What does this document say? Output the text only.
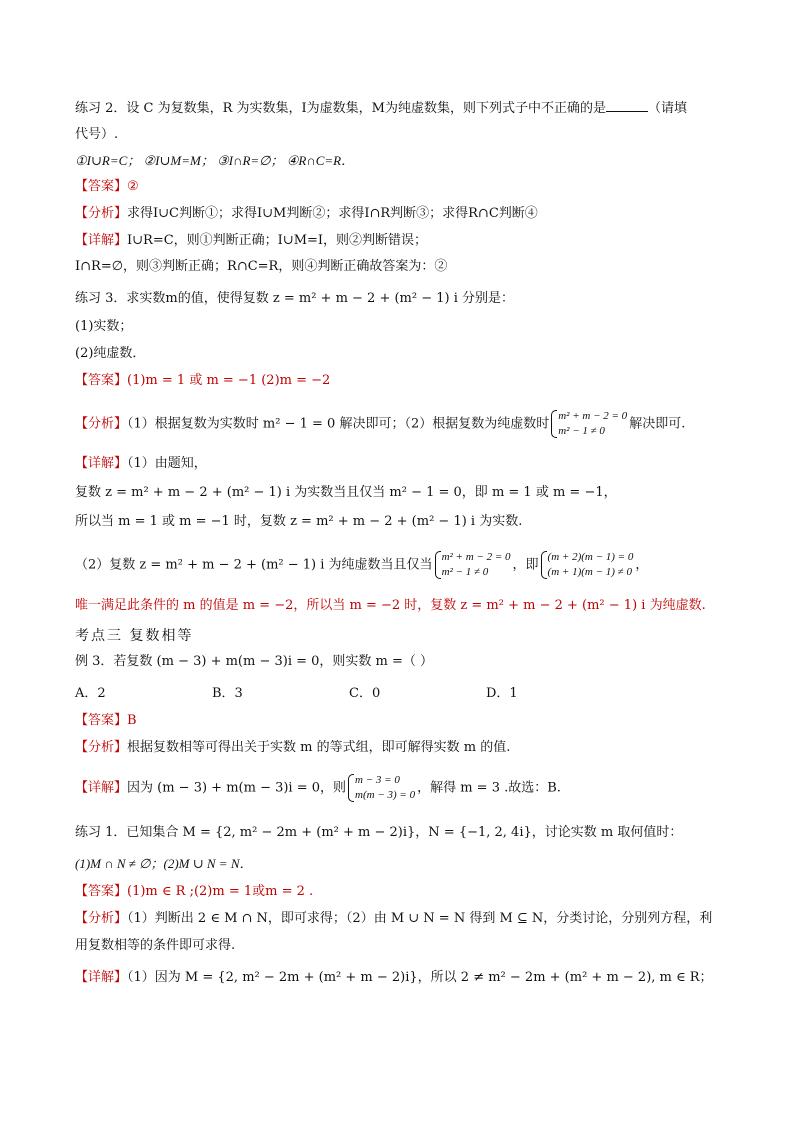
练习 2．设 C 为复数集，R 为实数集，I为虚数集，M为纯虚数集，则下列式子中不正确的是	（请填
代号）.
①I∪R=C； ②I∪M=M； ③I∩R=∅； ④R∩C=R．
【答案】②
【分析】求得I∪C判断①；求得I∪M判断②；求得I∩R判断③；求得R∩C判断④
【详解】I∪R=C，则①判断正确；I∪M=I，则②判断错误；
I∩R=∅，则③判断正确；R∩C=R，则④判断正确故答案为：②
练习 3．求实数m的值，使得复数 z = m² + m − 2 + (m² − 1) i 分别是：
(1)实数；
(2)纯虚数．
【答案】(1)m = 1 或 m = −1 (2)m = −2
【分析】（1）根据复数为实数时 m² − 1 = 0 解决即可；（2）根据复数为纯虚数时
m² + m − 2 = 0
m² − 1 ≠ 0	解决即可.
【详解】（1）由题知，
复数 z = m² + m − 2 + (m² − 1) i 为实数当且仅当 m² − 1 = 0，即 m = 1 或 m = −1，
所以当 m = 1 或 m = −1 时，复数 z = m² + m − 2 + (m² − 1) i 为实数.
（2）复数 z = m² + m − 2 + (m² − 1) i 为纯虚数当且仅当
m² + m − 2 = 0
m² − 1 ≠ 0	，即
(m + 2)(m − 1) = 0
(m + 1)(m − 1) ≠ 0 ，
唯一满足此条件的 m 的值是 m = −2，所以当 m = −2 时，复数 z = m² + m − 2 + (m² − 1) i 为纯虚数.
考点三 复数相等
例 3．若复数 (m − 3) + m(m − 3)i = 0，则实数 m =（ ）
A．2	B．3	C．0	D．1
【答案】B
【分析】根据复数相等可得出关于实数 m 的等式组，即可解得实数 m 的值.
【详解】因为 (m − 3) + m(m − 3)i = 0，则
m − 3 = 0
m(m − 3) = 0 ，解得 m = 3 .故选：B.
练习 1．已知集合 M = {2, m² − 2m + (m² + m − 2)i}，N = {−1, 2, 4i}，讨论实数 m 取何值时：
(1)M ∩ N ≠ ∅；(2)M ∪ N = N．
【答案】(1)m ∈ R ;(2)m = 1或m = 2 .
【分析】（1）判断出 2 ∈ M ∩ N，即可求得；（2）由 M ∪ N = N 得到 M ⊆ N，分类讨论，分别列方程，利
用复数相等的条件即可求得.
【详解】（1）因为 M = {2, m² − 2m + (m² + m − 2)i}，所以 2 ≠ m² − 2m + (m² + m − 2), m ∈ R；
